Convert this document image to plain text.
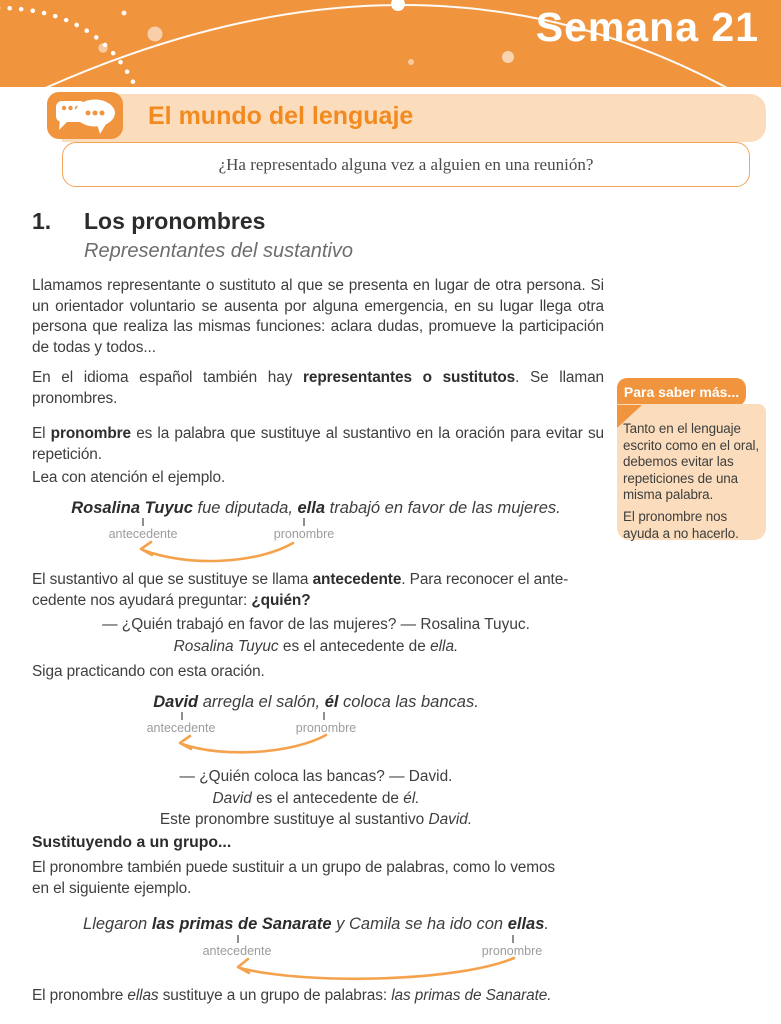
Semana 21
El mundo del lenguaje
¿Ha representado alguna vez a alguien en una reunión?
1. Los pronombres
Representantes del sustantivo
Llamamos representante o sustituto al que se presenta en lugar de otra persona. Si un orientador voluntario se ausenta por alguna emergencia, en su lugar llega otra persona que realiza las mismas funciones: aclara dudas, promueve la participación de todas y todos...
En el idioma español también hay representantes o sustitutos. Se llaman pronombres.
El pronombre es la palabra que sustituye al sustantivo en la oración para evitar su repetición.
Lea con atención el ejemplo.
Rosalina Tuyuc fue diputada, ella trabajó en favor de las mujeres.
antecedente	pronombre
El sustantivo al que se sustituye se llama antecedente. Para reconocer el ante-
cedente nos ayudará preguntar: ¿quién?
— ¿Quién trabajó en favor de las mujeres? — Rosalina Tuyuc.
Rosalina Tuyuc es el antecedente de ella.
Siga practicando con esta oración.
David arregla el salón, él coloca las bancas.
antecedente	pronombre
— ¿Quién coloca las bancas? — David.
David es el antecedente de él.
Este pronombre sustituye al sustantivo David.
Sustituyendo a un grupo...
El pronombre también puede sustituir a un grupo de palabras, como lo vemos
en el siguiente ejemplo.
Llegaron las primas de Sanarate y Camila se ha ido con ellas.
antecedente	pronombre
El pronombre ellas sustituye a un grupo de palabras: las primas de Sanarate.
Para saber más...

Tanto en el lenguaje escrito como en el oral, debemos evitar las repeticiones de una misma palabra.

El pronombre nos ayuda a no hacerlo.
